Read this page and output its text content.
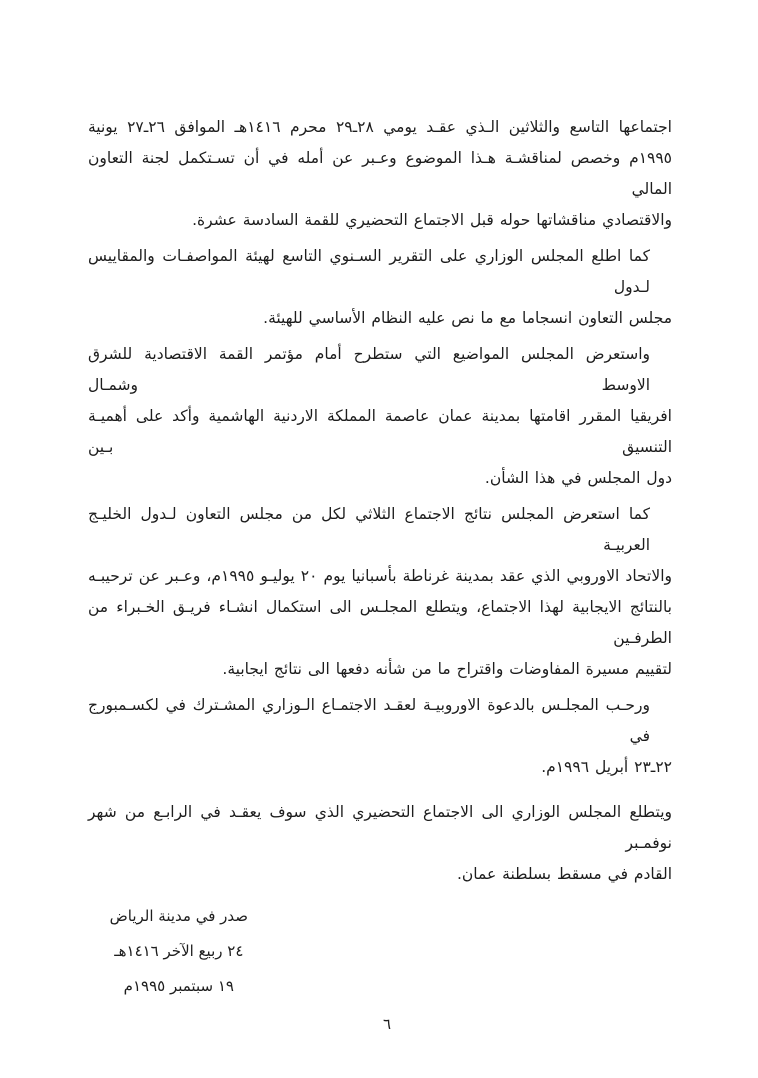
اجتماعها التاسع والثلاثين الـذي عقـد يومي ٢٨ـ٢٩ محرم ١٤١٦هـ الموافق ٢٦ـ٢٧ يونية
١٩٩٥م وخصص لمناقشـة هـذا الموضوع وعـبر عن أمله في أن تسـتكمل لجنة التعاون المالي
والاقتصادي مناقشاتها حوله قبل الاجتماع التحضيري للقمة السادسة عشرة.
كما اطلع المجلس الوزاري على التقرير السـنوي التاسع لهيئة المواصفـات والمقاييس لـدول
مجلس التعاون انسجاما مع ما نص عليه النظام الأساسي للهيئة.
واستعرض المجلس المواضيع التي ستطرح أمام مؤتمر القمة الاقتصادية للشرق الاوسط وشمـال
افريقيا المقرر اقامتها بمدينة عمان عاصمة المملكة الاردنية الهاشمية وأكد على أهميـة التنسيق بـين
دول المجلس في هذا الشأن.
كما استعرض المجلس نتائج الاجتماع الثلاثي لكل من مجلس التعاون لـدول الخليـج العربيـة
والاتحاد الاوروبي الذي عقد بمدينة غرناطة بأسبانيا يوم ٢٠ يوليـو ١٩٩٥م، وعـبر عن ترحيبـه
بالنتائج الايجابية لهذا الاجتماع، ويتطلع المجلـس الى استكمال انشـاء فريـق الخـبراء من الطرفـين
لتقييم مسيرة المفاوضات واقتراح ما من شأنه دفعها الى نتائج ايجابية.
ورحـب المجلـس بالدعوة الاوروبيـة لعقـد الاجتمـاع الـوزاري المشـترك في لكسـمبورج في
٢٢ـ٢٣ أبريل ١٩٩٦م.
ويتطلع المجلس الوزاري الى الاجتماع التحضيري الذي سوف يعقـد في الرابـع من شهر نوفمـبر
القادم في مسقط بسلطنة عمان.
صدر في مدينة الرياض
٢٤ ربيع الآخر ١٤١٦هـ
١٩ سبتمبر ١٩٩٥م
٦
